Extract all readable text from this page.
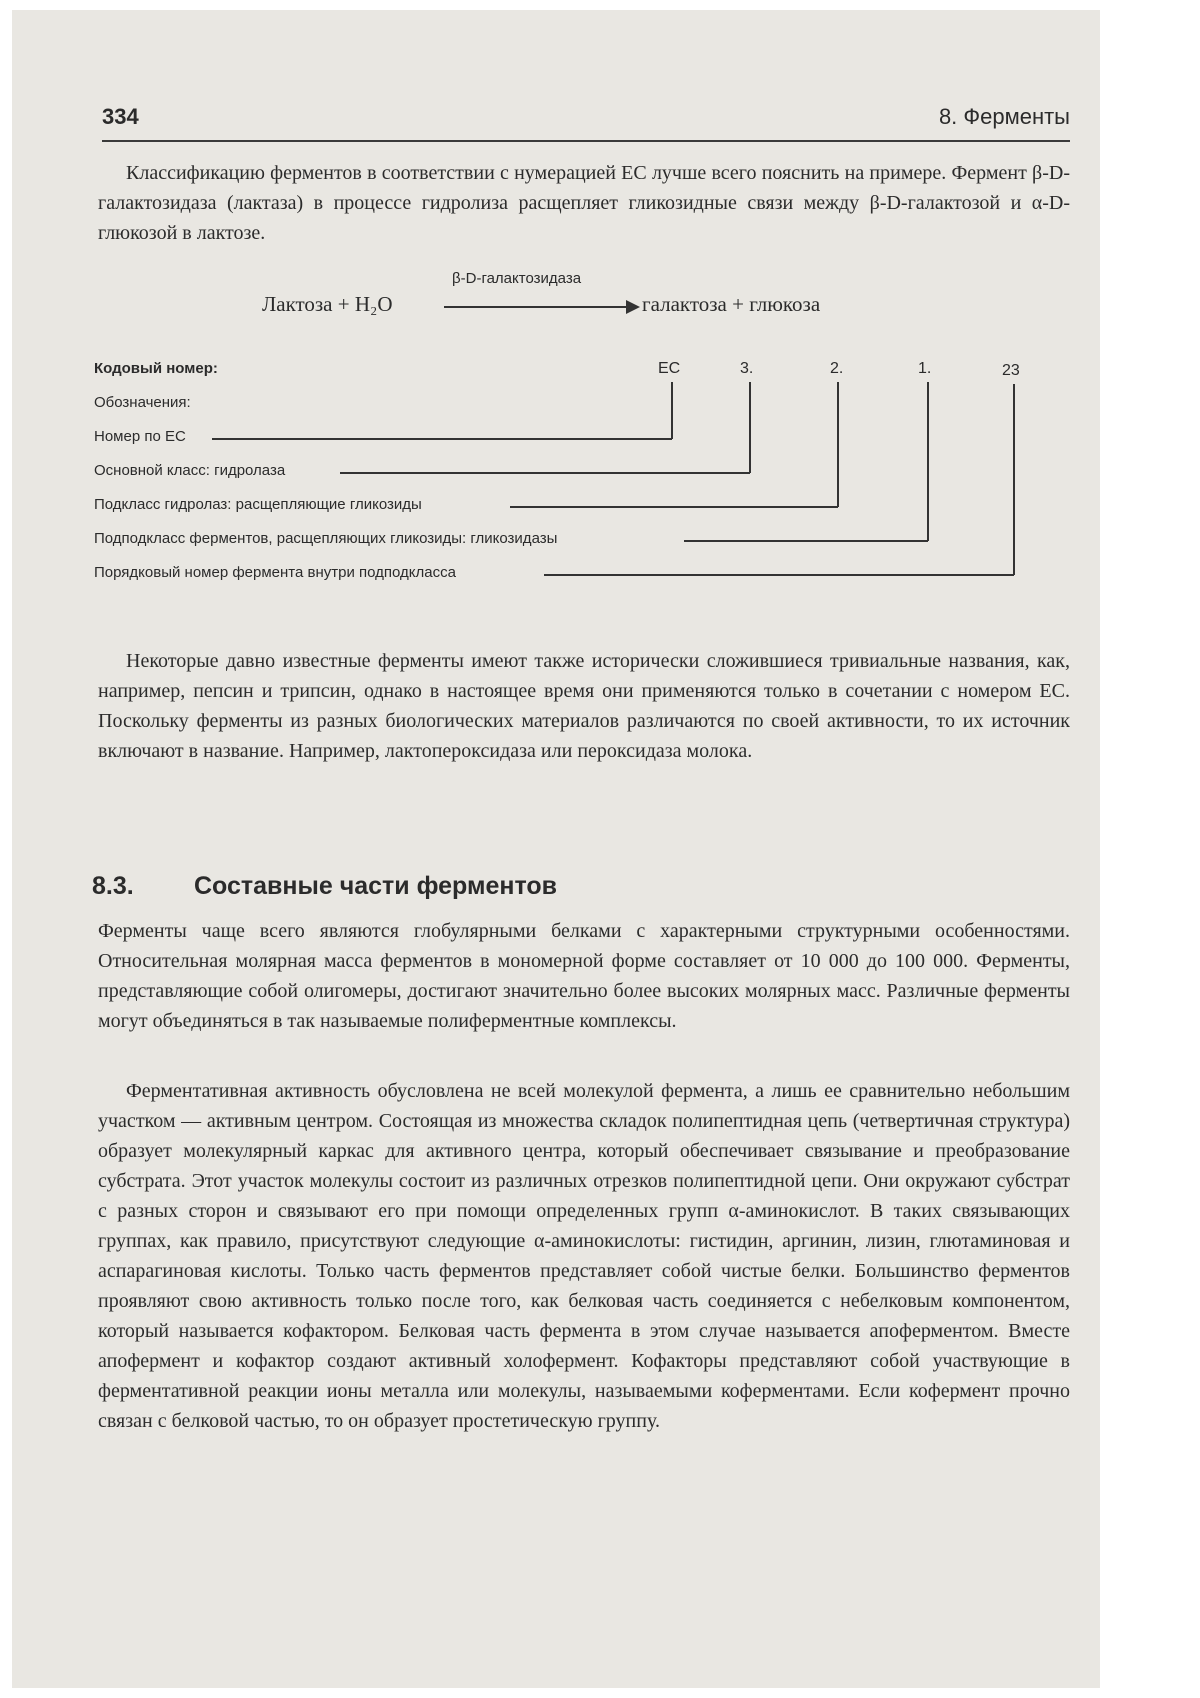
334	8. Ферменты

Классификацию ферментов в соответствии с нумерацией EC лучше всего пояснить на примере. Фермент β-D-галактозидаза (лактаза) в процессе гидролиза расщепляет гликозидные связи между β-D-галактозой и α-D-глюкозой в лактозе.

Лактоза + H₂O
β-D-галактозидаза
галактоза + глюкоза
Кодовый номер:	EC	3.	2.	1.	23
Обозначения:
Номер по EC
Основной класс: гидролаза
Подкласс гидролаз: расщепляющие гликозиды
Подподкласс ферментов, расщепляющих гликозиды: гликозидазы
Порядковый номер фермента внутри подподкласса

Некоторые давно известные ферменты имеют также исторически сложившиеся тривиальные названия, как, например, пепсин и трипсин, однако в настоящее время они применяются только в сочетании с номером EC. Поскольку ферменты из разных биологических материалов различаются по своей активности, то их источник включают в название. Например, лактопероксидаза или пероксидаза молока.

8.3. Составные части ферментов

Ферменты чаще всего являются глобулярными белками с характерными структурными особенностями. Относительная молярная масса ферментов в мономерной форме составляет от 10 000 до 100 000. Ферменты, представляющие собой олигомеры, достигают значительно более высоких молярных масс. Различные ферменты могут объединяться в так называемые полиферментные комплексы.

Ферментативная активность обусловлена не всей молекулой фермента, а лишь ее сравнительно небольшим участком — активным центром. Состоящая из множества складок полипептидная цепь (четвертичная структура) образует молекулярный каркас для активного центра, который обеспечивает связывание и преобразование субстрата. Этот участок молекулы состоит из различных отрезков полипептидной цепи. Они окружают субстрат с разных сторон и связывают его при помощи определенных групп α-аминокислот. В таких связывающих группах, как правило, присутствуют следующие α-аминокислоты: гистидин, аргинин, лизин, глютаминовая и аспарагиновая кислоты. Только часть ферментов представляет собой чистые белки. Большинство ферментов проявляют свою активность только после того, как белковая часть соединяется с небелковым компонентом, который называется кофактором. Белковая часть фермента в этом случае называется апоферментом. Вместе апофермент и кофактор создают активный холофермент. Кофакторы представляют собой участвующие в ферментативной реакции ионы металла или молекулы, называемыми коферментами. Если кофермент прочно связан с белковой частью, то он образует простетическую группу.
